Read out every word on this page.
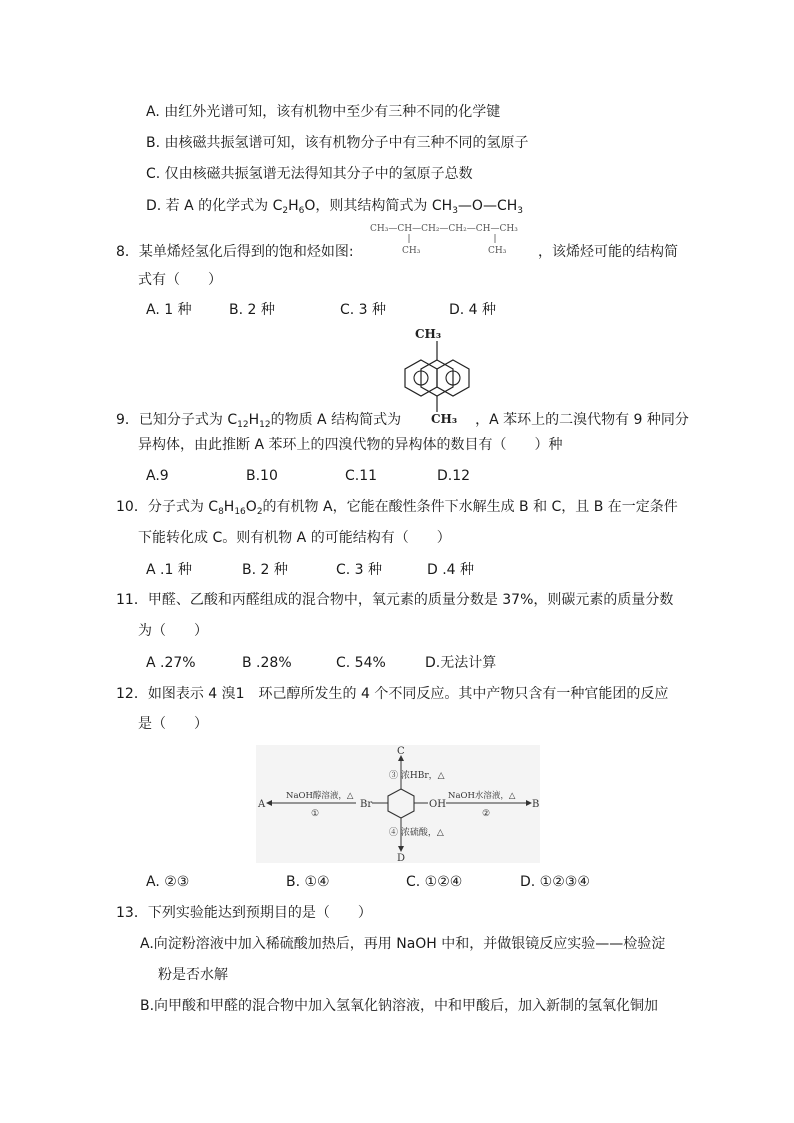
A. 由红外光谱可知，该有机物中至少有三种不同的化学键
B. 由核磁共振氢谱可知，该有机物分子中有三种不同的氢原子
C. 仅由核磁共振氢谱无法得知其分子中的氢原子总数
D. 若 A 的化学式为 $C_2H_6O$，则其结构简式为 $CH_3—O—CH_3$
8．某单烯烃氢化后得到的饱和烃如图:
CH₃—CH—CH₂—CH₂—CH—CH₃
CH₃	CH₃ ，该烯烃可能的结构简
式有（　　）
A. 1 种	B. 2 种	C. 3 种	D. 4 种
CH₃
CH₃
9．已知分子式为 $C_{12}H_{12}$的物质 A 结构简式为	，A 苯环上的二溴代物有 9 种同分
异构体，由此推断 A 苯环上的四溴代物的异构体的数目有（　　）种
A.9	B.10	C.11	D.12
10．分子式为 $C_8H_{16}O_2$的有机物 A，它能在酸性条件下水解生成 B 和 C，且 B 在一定条件
下能转化成 C。则有机物 A 的可能结构有（　　）
A .1 种	B. 2 种	C. 3 种	D .4 种
11．甲醛、乙酸和丙醛组成的混合物中，氧元素的质量分数是 37%，则碳元素的质量分数
为（　　）
A .27%	B .28%	C. 54%	D.无法计算
12．如图表示 4 溴1　环己醇所发生的 4 个不同反应。其中产物只含有一种官能团的反应
是（　　）
Br	OH
C
③ 浓HBr，△
D
④ 浓硫酸，△
A
NaOH醇溶液，△
①
B
NaOH水溶液，△
②
A. ②③	B. ①④	C. ①②④	D. ①②③④
13．下列实验能达到预期目的是（　　）
A.向淀粉溶液中加入稀硫酸加热后，再用 NaOH 中和，并做银镜反应实验——检验淀
粉是否水解
B.向甲酸和甲醛的混合物中加入氢氧化钠溶液，中和甲酸后，加入新制的氢氧化铜加
